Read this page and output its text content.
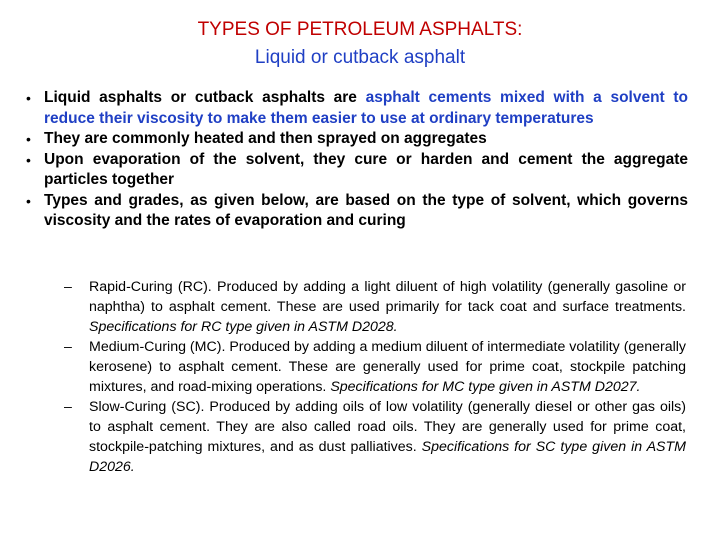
TYPES OF PETROLEUM ASPHALTS:
Liquid or cutback asphalt
• Liquid asphalts or cutback asphalts are asphalt cements mixed with a solvent to reduce their viscosity to make them easier to use at ordinary temperatures
• They are commonly heated and then sprayed on aggregates
• Upon evaporation of the solvent, they cure or harden and cement the aggregate particles together
• Types and grades, as given below, are based on the type of solvent, which governs viscosity and the rates of evaporation and curing
– Rapid-Curing (RC). Produced by adding a light diluent of high volatility (generally gasoline or naphtha) to asphalt cement. These are used primarily for tack coat and surface treatments. Specifications for RC type given in ASTM D2028.
– Medium-Curing (MC). Produced by adding a medium diluent of intermediate volatility (generally kerosene) to asphalt cement. These are generally used for prime coat, stockpile patching mixtures, and road-mixing operations. Specifications for MC type given in ASTM D2027.
– Slow-Curing (SC). Produced by adding oils of low volatility (generally diesel or other gas oils) to asphalt cement. They are also called road oils. They are generally used for prime coat, stockpile-patching mixtures, and as dust palliatives. Specifications for SC type given in ASTM D2026.
